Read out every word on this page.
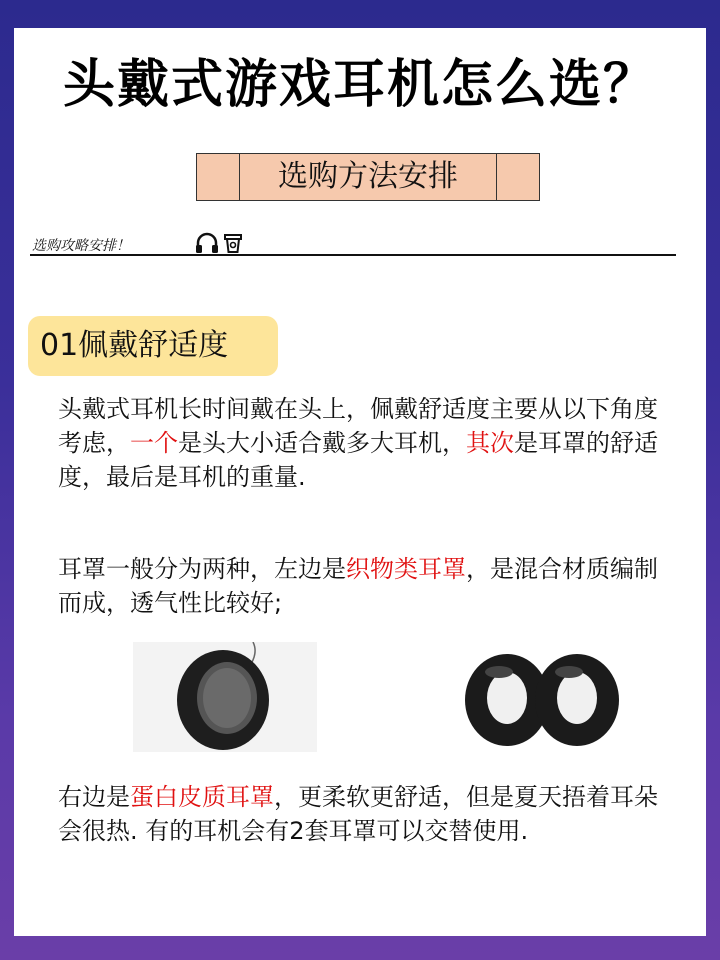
头戴式游戏耳机怎么选？
选购方法安排
选购攻略安排！
01佩戴舒适度
头戴式耳机长时间戴在头上，佩戴舒适度主要从以下角度考虑，一个是头大小适合戴多大耳机，其次是耳罩的舒适度，最后是耳机的重量.
耳罩一般分为两种，左边是织物类耳罩，是混合材质编制而成，透气性比较好;
右边是蛋白皮质耳罩，更柔软更舒适，但是夏天捂着耳朵会很热. 有的耳机会有2套耳罩可以交替使用.
